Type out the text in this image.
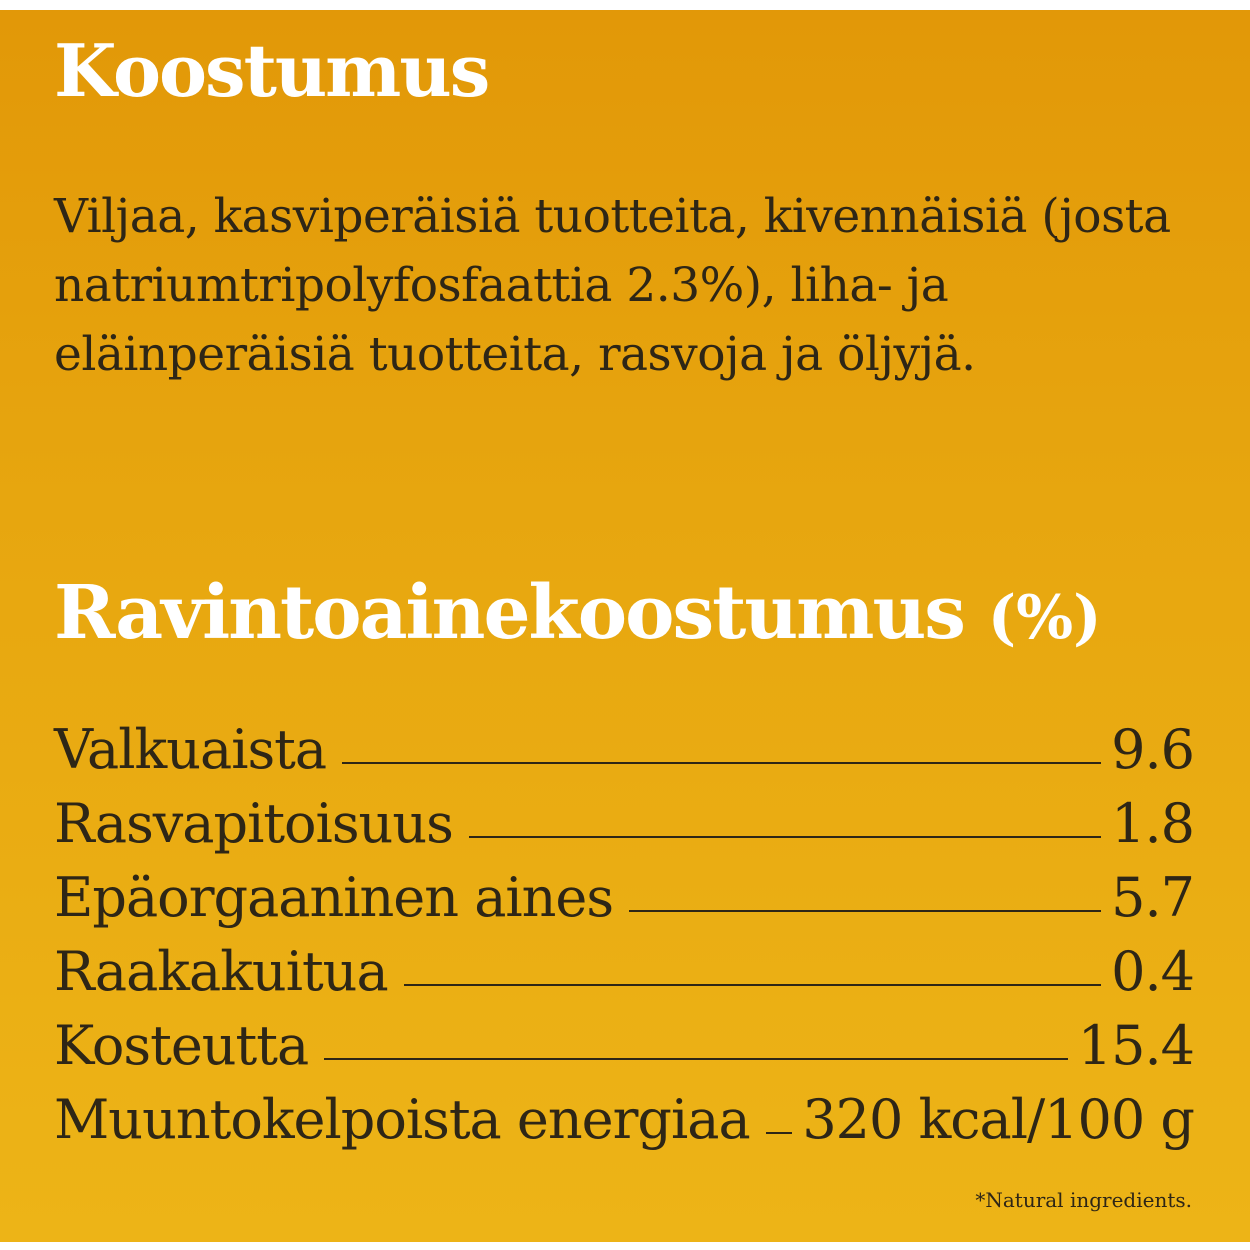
Koostumus

Viljaa, kasviperäisiä tuotteita, kivennäisiä (josta natriumtripolyfosfaattia 2.3%), liha- ja eläinperäisiä tuotteita, rasvoja ja öljyjä.

Ravintoainekoostumus (%)
Valkuaista	9.6
Rasvapitoisuus	1.8
Epäorgaaninen aines	5.7
Raakakuitua	0.4
Kosteutta	15.4
Muuntokelpoista energiaa 320 kcal/100 g
*Natural ingredients.
